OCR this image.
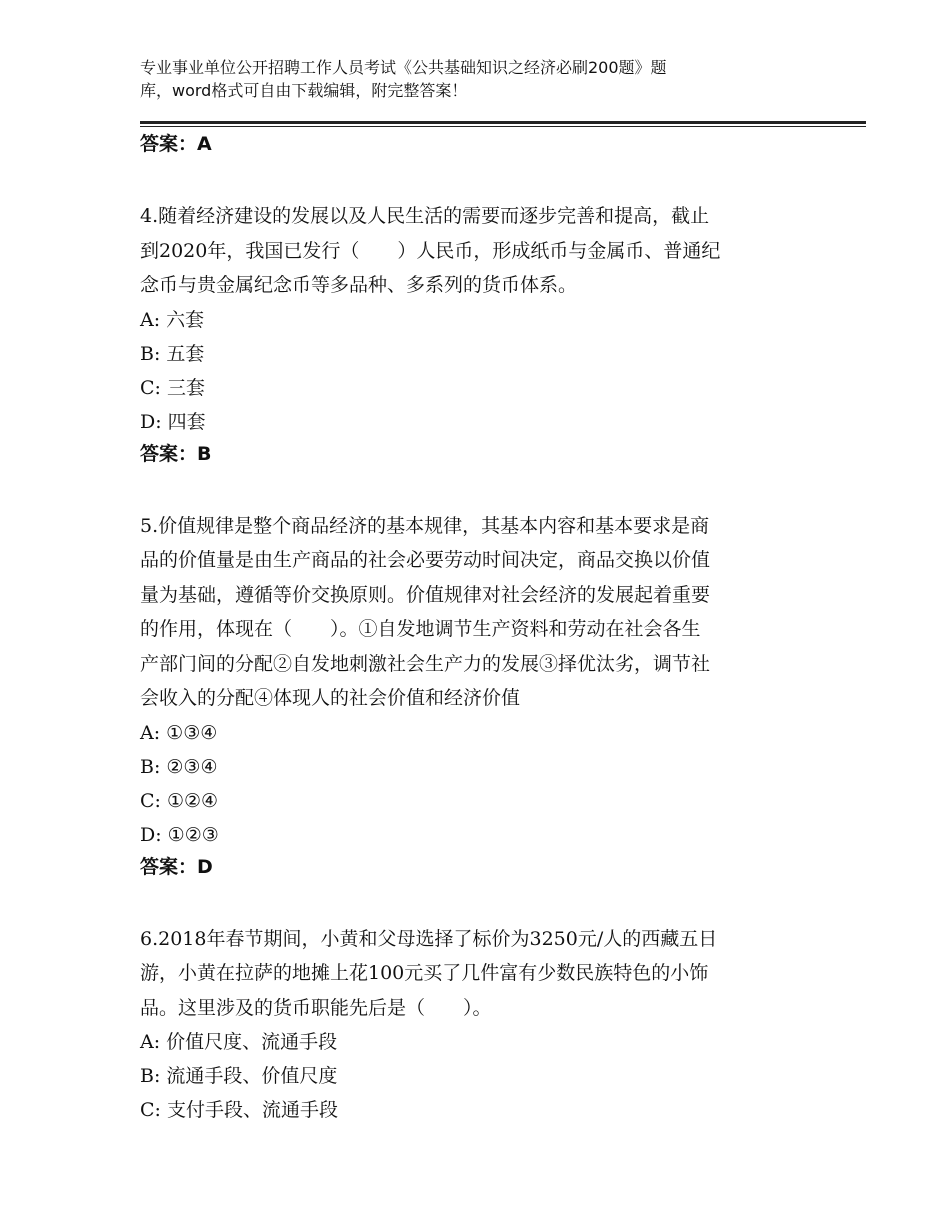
专业事业单位公开招聘工作人员考试《公共基础知识之经济必刷200题》题
库，word格式可自由下载编辑，附完整答案！
答案：A
4.随着经济建设的发展以及人民生活的需要而逐步完善和提高，截止
到2020年，我国已发行（　　）人民币，形成纸币与金属币、普通纪
念币与贵金属纪念币等多品种、多系列的货币体系。
A: 六套
B: 五套
C: 三套
D: 四套
答案：B
5.价值规律是整个商品经济的基本规律，其基本内容和基本要求是商
品的价值量是由生产商品的社会必要劳动时间决定，商品交换以价值
量为基础，遵循等价交换原则。价值规律对社会经济的发展起着重要
的作用，体现在（　　）。①自发地调节生产资料和劳动在社会各生
产部门间的分配②自发地刺激社会生产力的发展③择优汰劣，调节社
会收入的分配④体现人的社会价值和经济价值
A: ①③④
B: ②③④
C: ①②④
D: ①②③
答案：D
6.2018年春节期间，小黄和父母选择了标价为3250元/人的西藏五日
游，小黄在拉萨的地摊上花100元买了几件富有少数民族特色的小饰
品。这里涉及的货币职能先后是（　　）。
A: 价值尺度、流通手段
B: 流通手段、价值尺度
C: 支付手段、流通手段
